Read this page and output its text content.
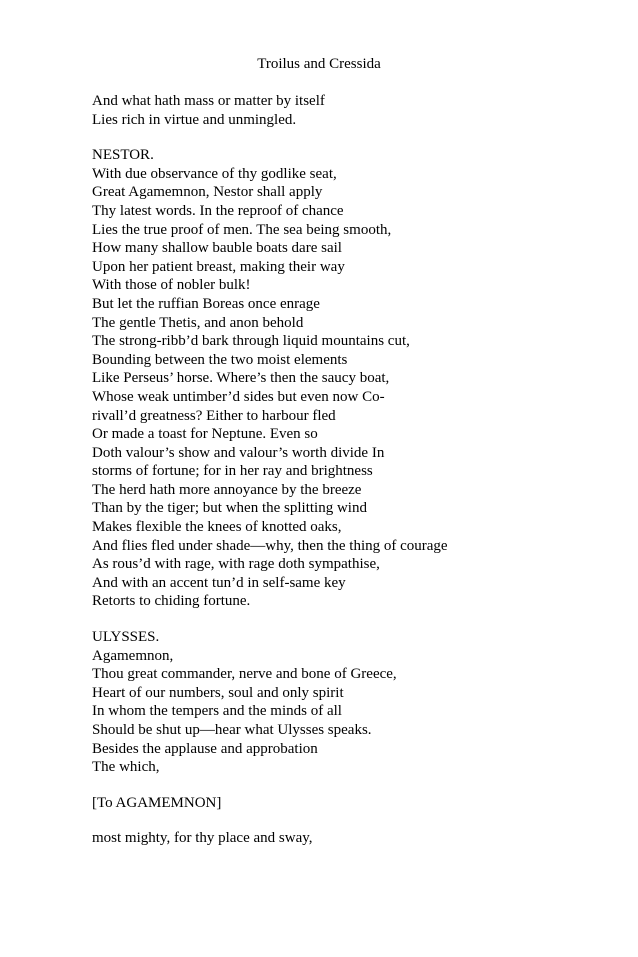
Troilus and Cressida
And what hath mass or matter by itself
Lies rich in virtue and unmingled.
NESTOR.
With due observance of thy godlike seat,
Great Agamemnon, Nestor shall apply
Thy latest words. In the reproof of chance
Lies the true proof of men. The sea being smooth,
How many shallow bauble boats dare sail
Upon her patient breast, making their way
With those of nobler bulk!
But let the ruffian Boreas once enrage
The gentle Thetis, and anon behold
The strong-ribb’d bark through liquid mountains cut,
Bounding between the two moist elements
Like Perseus’ horse. Where’s then the saucy boat,
Whose weak untimber’d sides but even now Co-
rivall’d greatness? Either to harbour fled
Or made a toast for Neptune. Even so
Doth valour’s show and valour’s worth divide In
storms of fortune; for in her ray and brightness
The herd hath more annoyance by the breeze
Than by the tiger; but when the splitting wind
Makes flexible the knees of knotted oaks,
And flies fled under shade—why, then the thing of courage
As rous’d with rage, with rage doth sympathise,
And with an accent tun’d in self-same key
Retorts to chiding fortune.
ULYSSES.
Agamemnon,
Thou great commander, nerve and bone of Greece,
Heart of our numbers, soul and only spirit
In whom the tempers and the minds of all
Should be shut up—hear what Ulysses speaks.
Besides the applause and approbation
The which,
[To AGAMEMNON]
most mighty, for thy place and sway,
